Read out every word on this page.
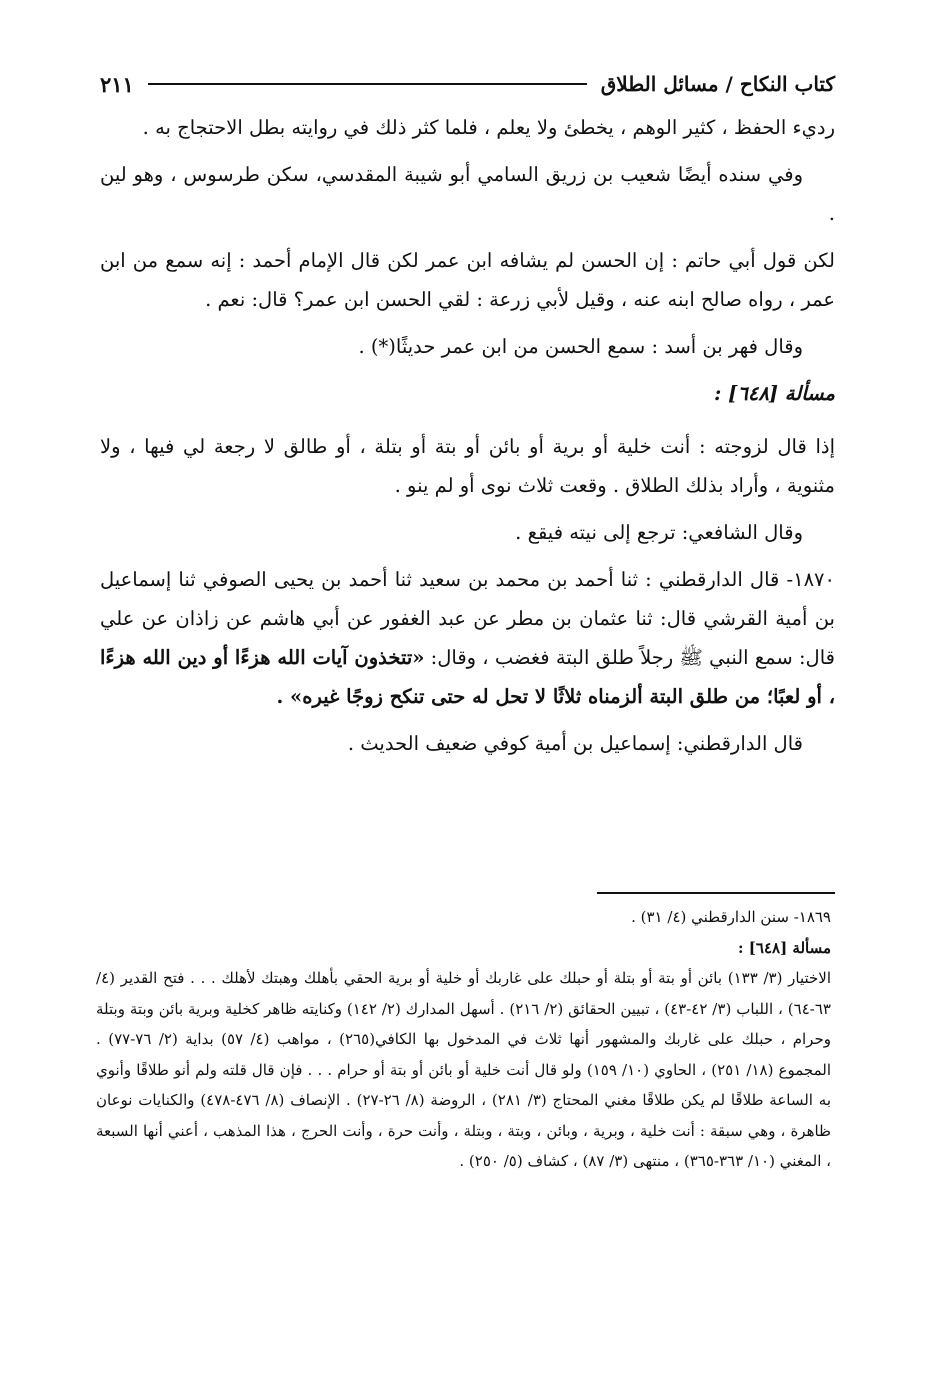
كتاب النكاح / مسائل الطلاق
٢١١

رديء الحفظ ، كثير الوهم ، يخطئ ولا يعلم ، فلما كثر ذلك في روايته بطل الاحتجاج به .

وفي سنده أيضًا شعيب بن زريق السامي أبو شيبة المقدسي، سكن طرسوس ، وهو لين .

لكن قول أبي حاتم : إن الحسن لم يشافه ابن عمر لكن قال الإمام أحمد : إنه سمع من ابن عمر ، رواه صالح ابنه عنه ، وقيل لأبي زرعة : لقي الحسن ابن عمر؟ قال: نعم .

وقال فهر بن أسد : سمع الحسن من ابن عمر حديثًا(*) .

مسألة [٦٤٨] :

إذا قال لزوجته : أنت خلية أو برية أو بائن أو بتة أو بتلة ، أو طالق لا رجعة لي فيها ، ولا مثنوية ، وأراد بذلك الطلاق . وقعت ثلاث نوى أو لم ينو .

وقال الشافعي: ترجع إلى نيته فيقع .

١٨٧٠- قال الدارقطني : ثنا أحمد بن محمد بن سعيد ثنا أحمد بن يحيى الصوفي ثنا إسماعيل بن أمية القرشي قال: ثنا عثمان بن مطر عن عبد الغفور عن أبي هاشم عن زاذان عن علي قال: سمع النبي ﷺ رجلاً طلق البتة فغضب ، وقال: «تتخذون آيات الله هزءًا أو دين الله هزءًا ، أو لعبًا؛ من طلق البتة ألزمناه ثلاثًا لا تحل له حتى تنكح زوجًا غيره» .

قال الدارقطني: إسماعيل بن أمية كوفي ضعيف الحديث .

١٨٦٩- سنن الدارقطني (٤/ ٣١) .

مسألة [٦٤٨] :

الاختيار (٣/ ١٣٣) بائن أو بتة أو بتلة أو حبلك على غاربك أو خلية أو برية الحقي بأهلك وهبتك لأهلك . . . فتح القدير (٤/ ٦٣-٦٤) ، اللباب (٣/ ٤٢-٤٣) ، تبيين الحقائق (٢/ ٢١٦) . أسهل المدارك (٢/ ١٤٢) وكنايته ظاهر كخلية وبرية بائن وبتة وبتلة وحرام ، حبلك على غاربك والمشهور أنها ثلاث في المدخول بها الكافي(٢٦٥) ، مواهب (٤/ ٥٧) بداية (٢/ ٧٦-٧٧) . المجموع (١٨/ ٢٥١) ، الحاوي (١٠/ ١٥٩) ولو قال أنت خلية أو بائن أو بتة أو حرام . . . فإن قال قلته ولم أنو طلاقًا وأنوي به الساعة طلاقًا لم يكن طلاقًا مغني المحتاج (٣/ ٢٨١) ، الروضة (٨/ ٢٦-٢٧) . الإنصاف (٨/ ٤٧٦-٤٧٨) والكنايات نوعان ظاهرة ، وهي سبقة : أنت خلية ، وبرية ، وبائن ، وبتة ، وبتلة ، وأنت حرة ، وأنت الحرج ، هذا المذهب ، أعني أنها السبعة ، المغني (١٠/ ٣٦٣-٣٦٥) ، منتهى (٣/ ٨٧) ، كشاف (٥/ ٢٥٠) .
